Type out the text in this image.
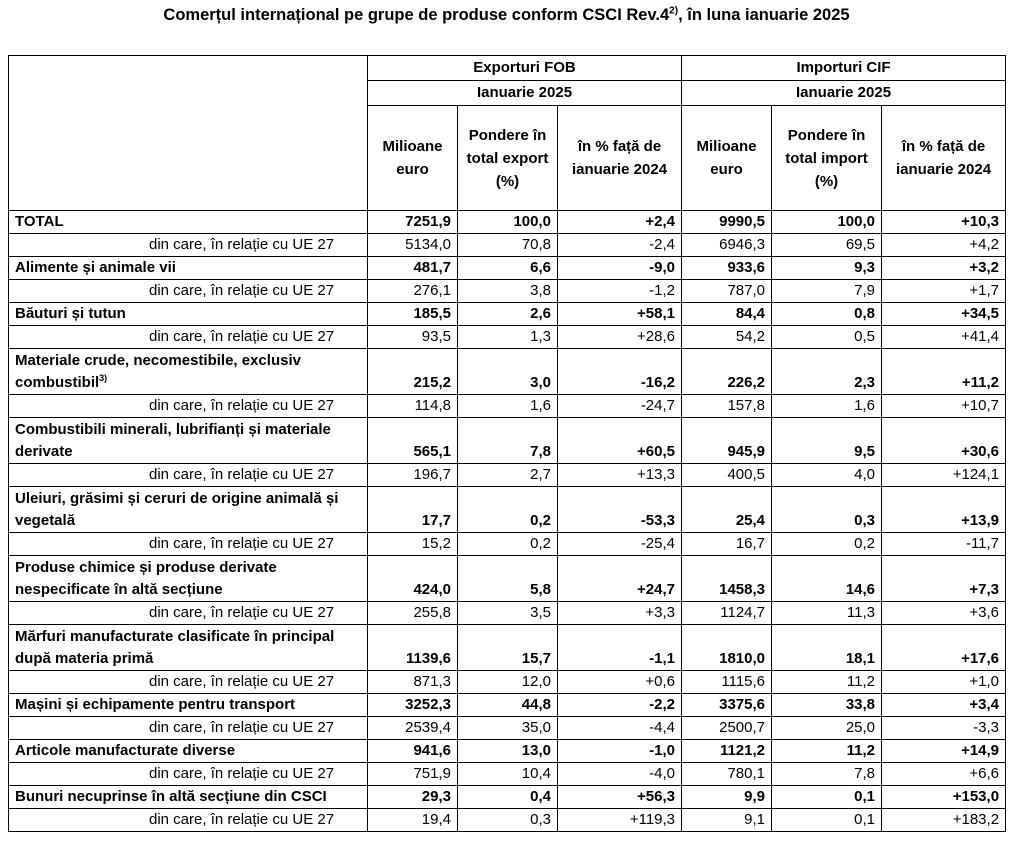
Comerțul internațional pe grupe de produse conform CSCI Rev.4$^{2)}$, în luna ianuarie 2025
	Exporturi FOB			Importuri CIF		
	Ianuarie 2025			Ianuarie 2025		
	Milioane euro	Pondere în total export (%)	în % față de ianuarie 2024	Milioane euro	Pondere în total import (%)	în % față de ianuarie 2024
TOTAL	7251,9	100,0	+2,4	9990,5	100,0	+10,3
din care, în relație cu UE 27	5134,0	70,8	-2,4	6946,3	69,5	+4,2
Alimente și animale vii	481,7	6,6	-9,0	933,6	9,3	+3,2
din care, în relație cu UE 27	276,1	3,8	-1,2	787,0	7,9	+1,7
Băuturi și tutun	185,5	2,6	+58,1	84,4	0,8	+34,5
din care, în relație cu UE 27	93,5	1,3	+28,6	54,2	0,5	+41,4
Materiale crude, necomestibile, exclusiv combustibil$^{3)}$	215,2	3,0	-16,2	226,2	2,3	+11,2
din care, în relație cu UE 27	114,8	1,6	-24,7	157,8	1,6	+10,7
Combustibili minerali, lubrifianți și materiale derivate	565,1	7,8	+60,5	945,9	9,5	+30,6
din care, în relație cu UE 27	196,7	2,7	+13,3	400,5	4,0	+124,1
Uleiuri, grăsimi și ceruri de origine animală și vegetală	17,7	0,2	-53,3	25,4	0,3	+13,9
din care, în relație cu UE 27	15,2	0,2	-25,4	16,7	0,2	-11,7
Produse chimice și produse derivate nespecificate în altă secțiune	424,0	5,8	+24,7	1458,3	14,6	+7,3
din care, în relație cu UE 27	255,8	3,5	+3,3	1124,7	11,3	+3,6
Mărfuri manufacturate clasificate în principal după materia primă	1139,6	15,7	-1,1	1810,0	18,1	+17,6
din care, în relație cu UE 27	871,3	12,0	+0,6	1115,6	11,2	+1,0
Mașini și echipamente pentru transport	3252,3	44,8	-2,2	3375,6	33,8	+3,4
din care, în relație cu UE 27	2539,4	35,0	-4,4	2500,7	25,0	-3,3
Articole manufacturate diverse	941,6	13,0	-1,0	1121,2	11,2	+14,9
din care, în relație cu UE 27	751,9	10,4	-4,0	780,1	7,8	+6,6
Bunuri necuprinse în altă secțiune din CSCI	29,3	0,4	+56,3	9,9	0,1	+153,0
din care, în relație cu UE 27	19,4	0,3	+119,3	9,1	0,1	+183,2
